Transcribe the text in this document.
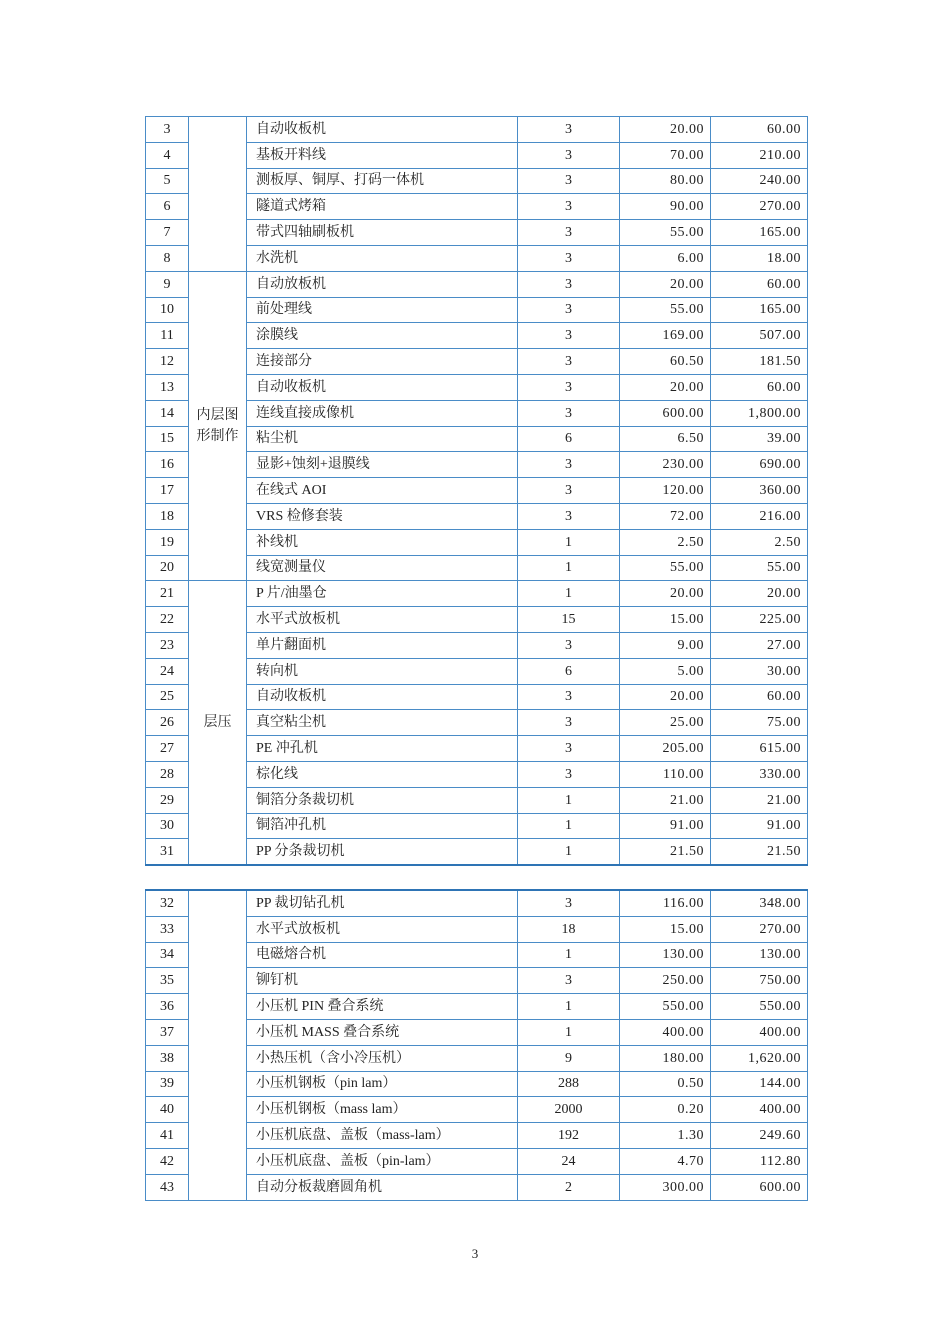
3		自动收板机	3	20.00	60.00
4		基板开料线	3	70.00	210.00
5		测板厚、铜厚、打码一体机	3	80.00	240.00
6		隧道式烤箱	3	90.00	270.00
7		带式四轴刷板机	3	55.00	165.00
8		水洗机	3	6.00	18.00
9	内层图形制作	自动放板机	3	20.00	60.00
10		前处理线	3	55.00	165.00
11		涂膜线	3	169.00	507.00
12		连接部分	3	60.50	181.50
13		自动收板机	3	20.00	60.00
14		连线直接成像机	3	600.00	1,800.00
15		粘尘机	6	6.50	39.00
16		显影+蚀刻+退膜线	3	230.00	690.00
17		在线式 AOI	3	120.00	360.00
18		VRS 检修套装	3	72.00	216.00
19		补线机	1	2.50	2.50
20		线宽测量仪	1	55.00	55.00
21	层压	P 片/油墨仓	1	20.00	20.00
22		水平式放板机	15	15.00	225.00
23		单片翻面机	3	9.00	27.00
24		转向机	6	5.00	30.00
25		自动收板机	3	20.00	60.00
26		真空粘尘机	3	25.00	75.00
27		PE 冲孔机	3	205.00	615.00
28		棕化线	3	110.00	330.00
29		铜箔分条裁切机	1	21.00	21.00
30		铜箔冲孔机	1	91.00	91.00
31		PP 分条裁切机	1	21.50	21.50
32		PP 裁切钻孔机	3	116.00	348.00
33		水平式放板机	18	15.00	270.00
34		电磁熔合机	1	130.00	130.00
35		铆钉机	3	250.00	750.00
36		小压机 PIN 叠合系统	1	550.00	550.00
37		小压机 MASS 叠合系统	1	400.00	400.00
38		小热压机（含小冷压机）	9	180.00	1,620.00
39		小压机钢板（pin lam）	288	0.50	144.00
40		小压机钢板（mass lam）	2000	0.20	400.00
41		小压机底盘、盖板（mass-lam）	192	1.30	249.60
42		小压机底盘、盖板（pin-lam）	24	4.70	112.80
43		自动分板裁磨圆角机	2	300.00	600.00
3
